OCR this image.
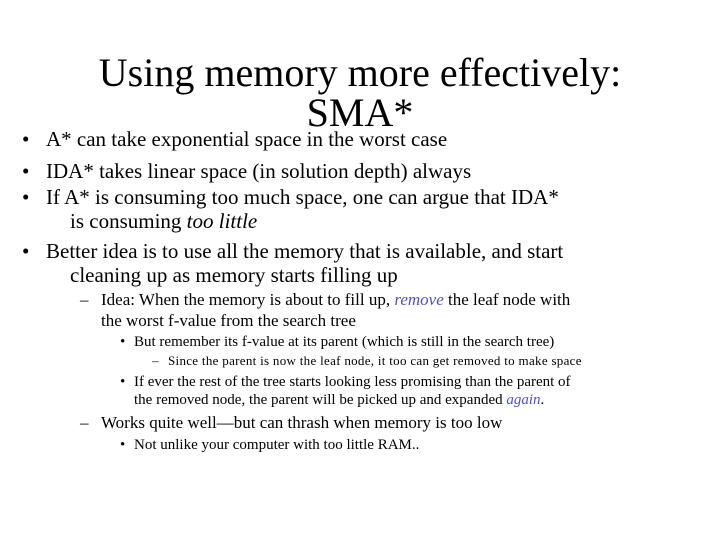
Using memory more effectively:
SMA*
• A* can take exponential space in the worst case
• IDA* takes linear space (in solution depth) always
• If A* is consuming too much space, one can argue that IDA*
is consuming too little
• Better idea is to use all the memory that is available, and start
cleaning up as memory starts filling up
– Idea: When the memory is about to fill up, remove the leaf node with
the worst f-value from the search tree
• But remember its f-value at its parent (which is still in the search tree)
– Since the parent is now the leaf node, it too can get removed to make space
• If ever the rest of the tree starts looking less promising than the parent of
the removed node, the parent will be picked up and expanded again.
– Works quite well—but can thrash when memory is too low
• Not unlike your computer with too little RAM..
